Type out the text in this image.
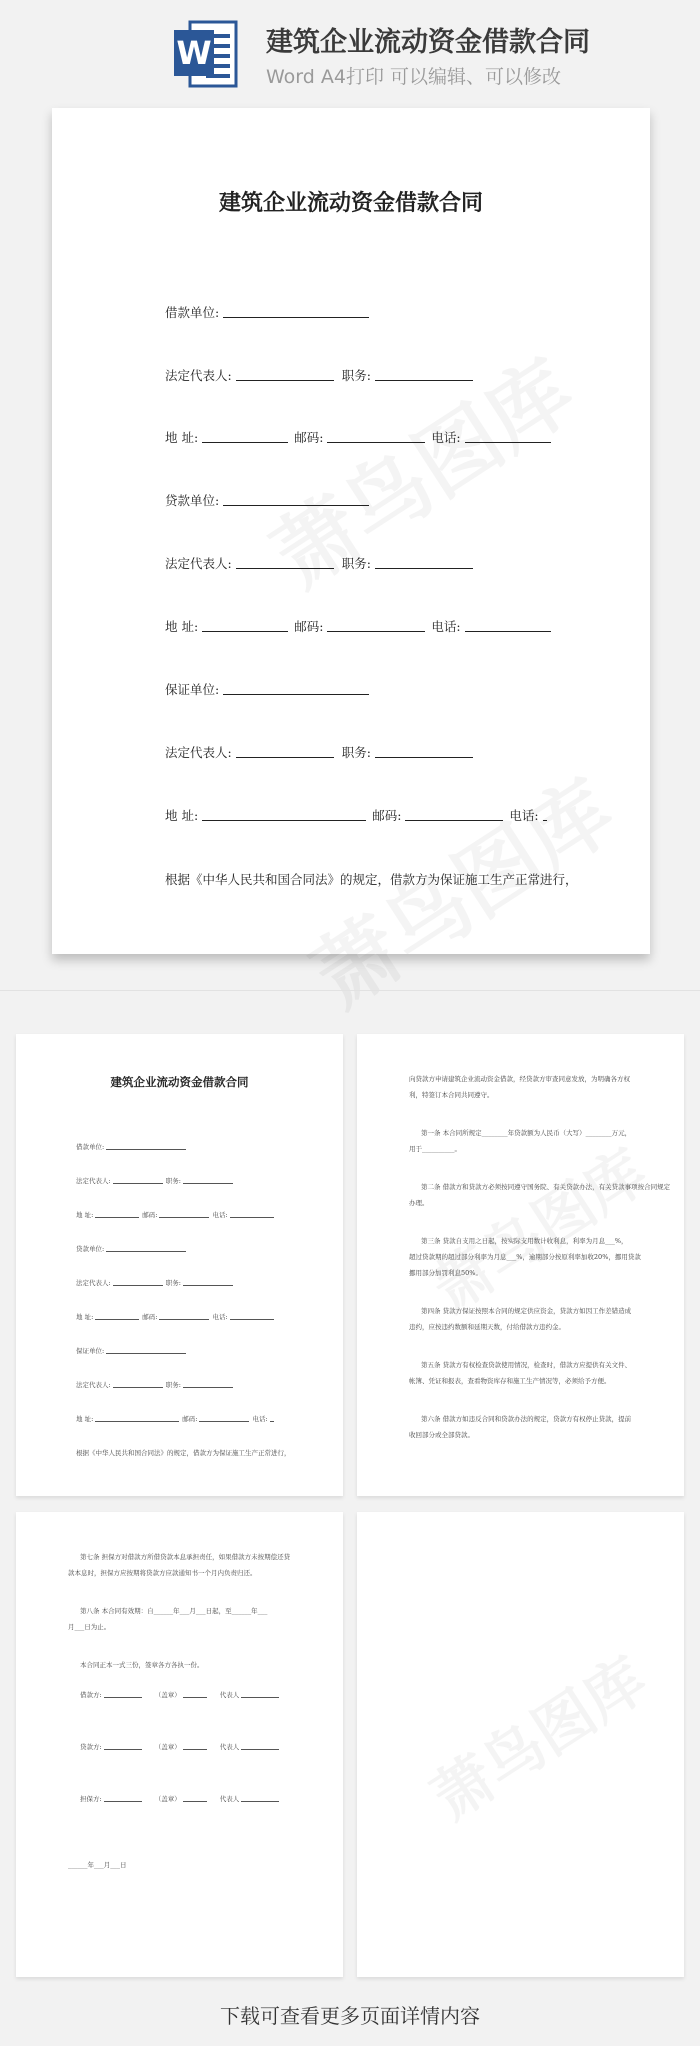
W 建筑企业流动资金借款合同
Word A4打印 可以编辑、可以修改
建筑企业流动资金借款合同
借款单位:
法定代表人:	职务:
地 址:	邮码:	电话:
贷款单位:
法定代表人:	职务:
地 址:	邮码:	电话:
保证单位:
法定代表人:	职务:
地 址:	邮码:	电话:
根据《中华人民共和国合同法》的规定，借款方为保证施工生产正常进行，
建筑企业流动资金借款合同
借款单位:
法定代表人:	职务:
地 址:	邮码:	电话:
贷款单位:
法定代表人:	职务:
地 址:	邮码:	电话:
保证单位:
法定代表人:	职务:
地 址:	邮码:	电话:
根据《中华人民共和国合同法》的规定，借款方为保证施工生产正常进行，
向贷款方申请建筑企业流动资金借款，经贷款方审查同意发放，为明确各方权
利，特签订本合同共同遵守。
第一条 本合同所规定________年贷款额为人民币（大写）________万元，
用于__________。
第二条 借款方和贷款方必须按同遵守国务院、有关贷款办法，有关贷款事项按合同规定
办理。
第三条 贷款自支用之日起，按实际支用数计收利息，利率为月息___%，
超过贷款期的超过部分利率为月息___%，逾期部分按原利率加收20%，挪用贷款
挪用部分加罚利息50%。
第四条 贷款方保证按照本合同的规定供应资金，贷款方如因工作差错造成
违约，应按违约数额和延期天数，付给借款方违约金。
第五条 贷款方有权检查贷款使用情况，检查时，借款方应提供有关文件、
帐簿、凭证和报表，查看物资库存和施工生产情况等，必须给予方便。
第六条 借款方如违反合同和贷款办法的规定，贷款方有权停止贷款，提前
收回部分或全部贷款。
第七条 担保方对借款方所借贷款本息承担责任，如果借款方未按期偿还贷
款本息时，担保方应按期将贷款方应款通知书一个月内负责归还。
第八条 本合同有效期：自______年___月___日起，至______年___
月___日为止。
本合同正本一式三份，签章各方各执一份。
借款方:	（盖章）	代表人
贷款方:	（盖章）	代表人
担保方:	（盖章）	代表人
______年___月___日
下载可查看更多页面详情内容
